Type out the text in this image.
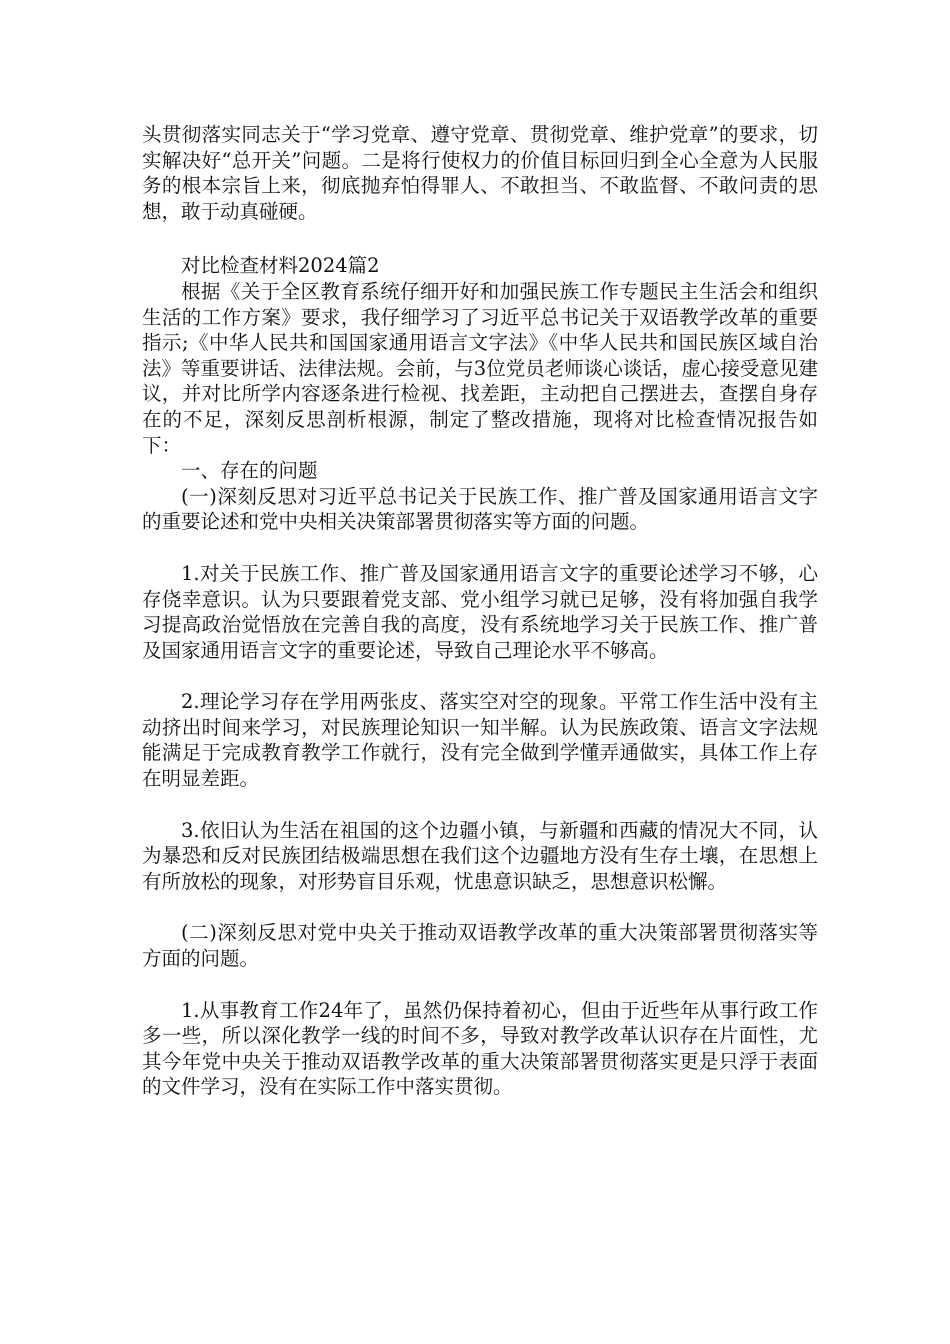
头贯彻落实同志关于“学习党章、遵守党章、贯彻党章、维护党章”的要求，切实解决好“总开关”问题。二是将行使权力的价值目标回归到全心全意为人民服务的根本宗旨上来，彻底抛弃怕得罪人、不敢担当、不敢监督、不敢问责的思想，敢于动真碰硬。

对比检查材料2024篇2

根据《关于全区教育系统仔细开好和加强民族工作专题民主生活会和组织生活的工作方案》要求，我仔细学习了习近平总书记关于双语教学改革的重要指示;《中华人民共和国国家通用语言文字法》《中华人民共和国民族区域自治法》等重要讲话、法律法规。会前，与3位党员老师谈心谈话，虚心接受意见建议，并对比所学内容逐条进行检视、找差距，主动把自己摆进去，查摆自身存在的不足，深刻反思剖析根源，制定了整改措施，现将对比检查情况报告如下：

一、存在的问题

(一)深刻反思对习近平总书记关于民族工作、推广普及国家通用语言文字的重要论述和党中央相关决策部署贯彻落实等方面的问题。

1.对关于民族工作、推广普及国家通用语言文字的重要论述学习不够，心存侥幸意识。认为只要跟着党支部、党小组学习就已足够，没有将加强自我学习提高政治觉悟放在完善自我的高度，没有系统地学习关于民族工作、推广普及国家通用语言文字的重要论述，导致自己理论水平不够高。

2.理论学习存在学用两张皮、落实空对空的现象。平常工作生活中没有主动挤出时间来学习，对民族理论知识一知半解。认为民族政策、语言文字法规能满足于完成教育教学工作就行，没有完全做到学懂弄通做实，具体工作上存在明显差距。

3.依旧认为生活在祖国的这个边疆小镇，与新疆和西藏的情况大不同，认为暴恐和反对民族团结极端思想在我们这个边疆地方没有生存土壤，在思想上有所放松的现象，对形势盲目乐观，忧患意识缺乏，思想意识松懈。

(二)深刻反思对党中央关于推动双语教学改革的重大决策部署贯彻落实等方面的问题。

1.从事教育工作24年了，虽然仍保持着初心，但由于近些年从事行政工作多一些，所以深化教学一线的时间不多，导致对教学改革认识存在片面性，尤其今年党中央关于推动双语教学改革的重大决策部署贯彻落实更是只浮于表面的文件学习，没有在实际工作中落实贯彻。
